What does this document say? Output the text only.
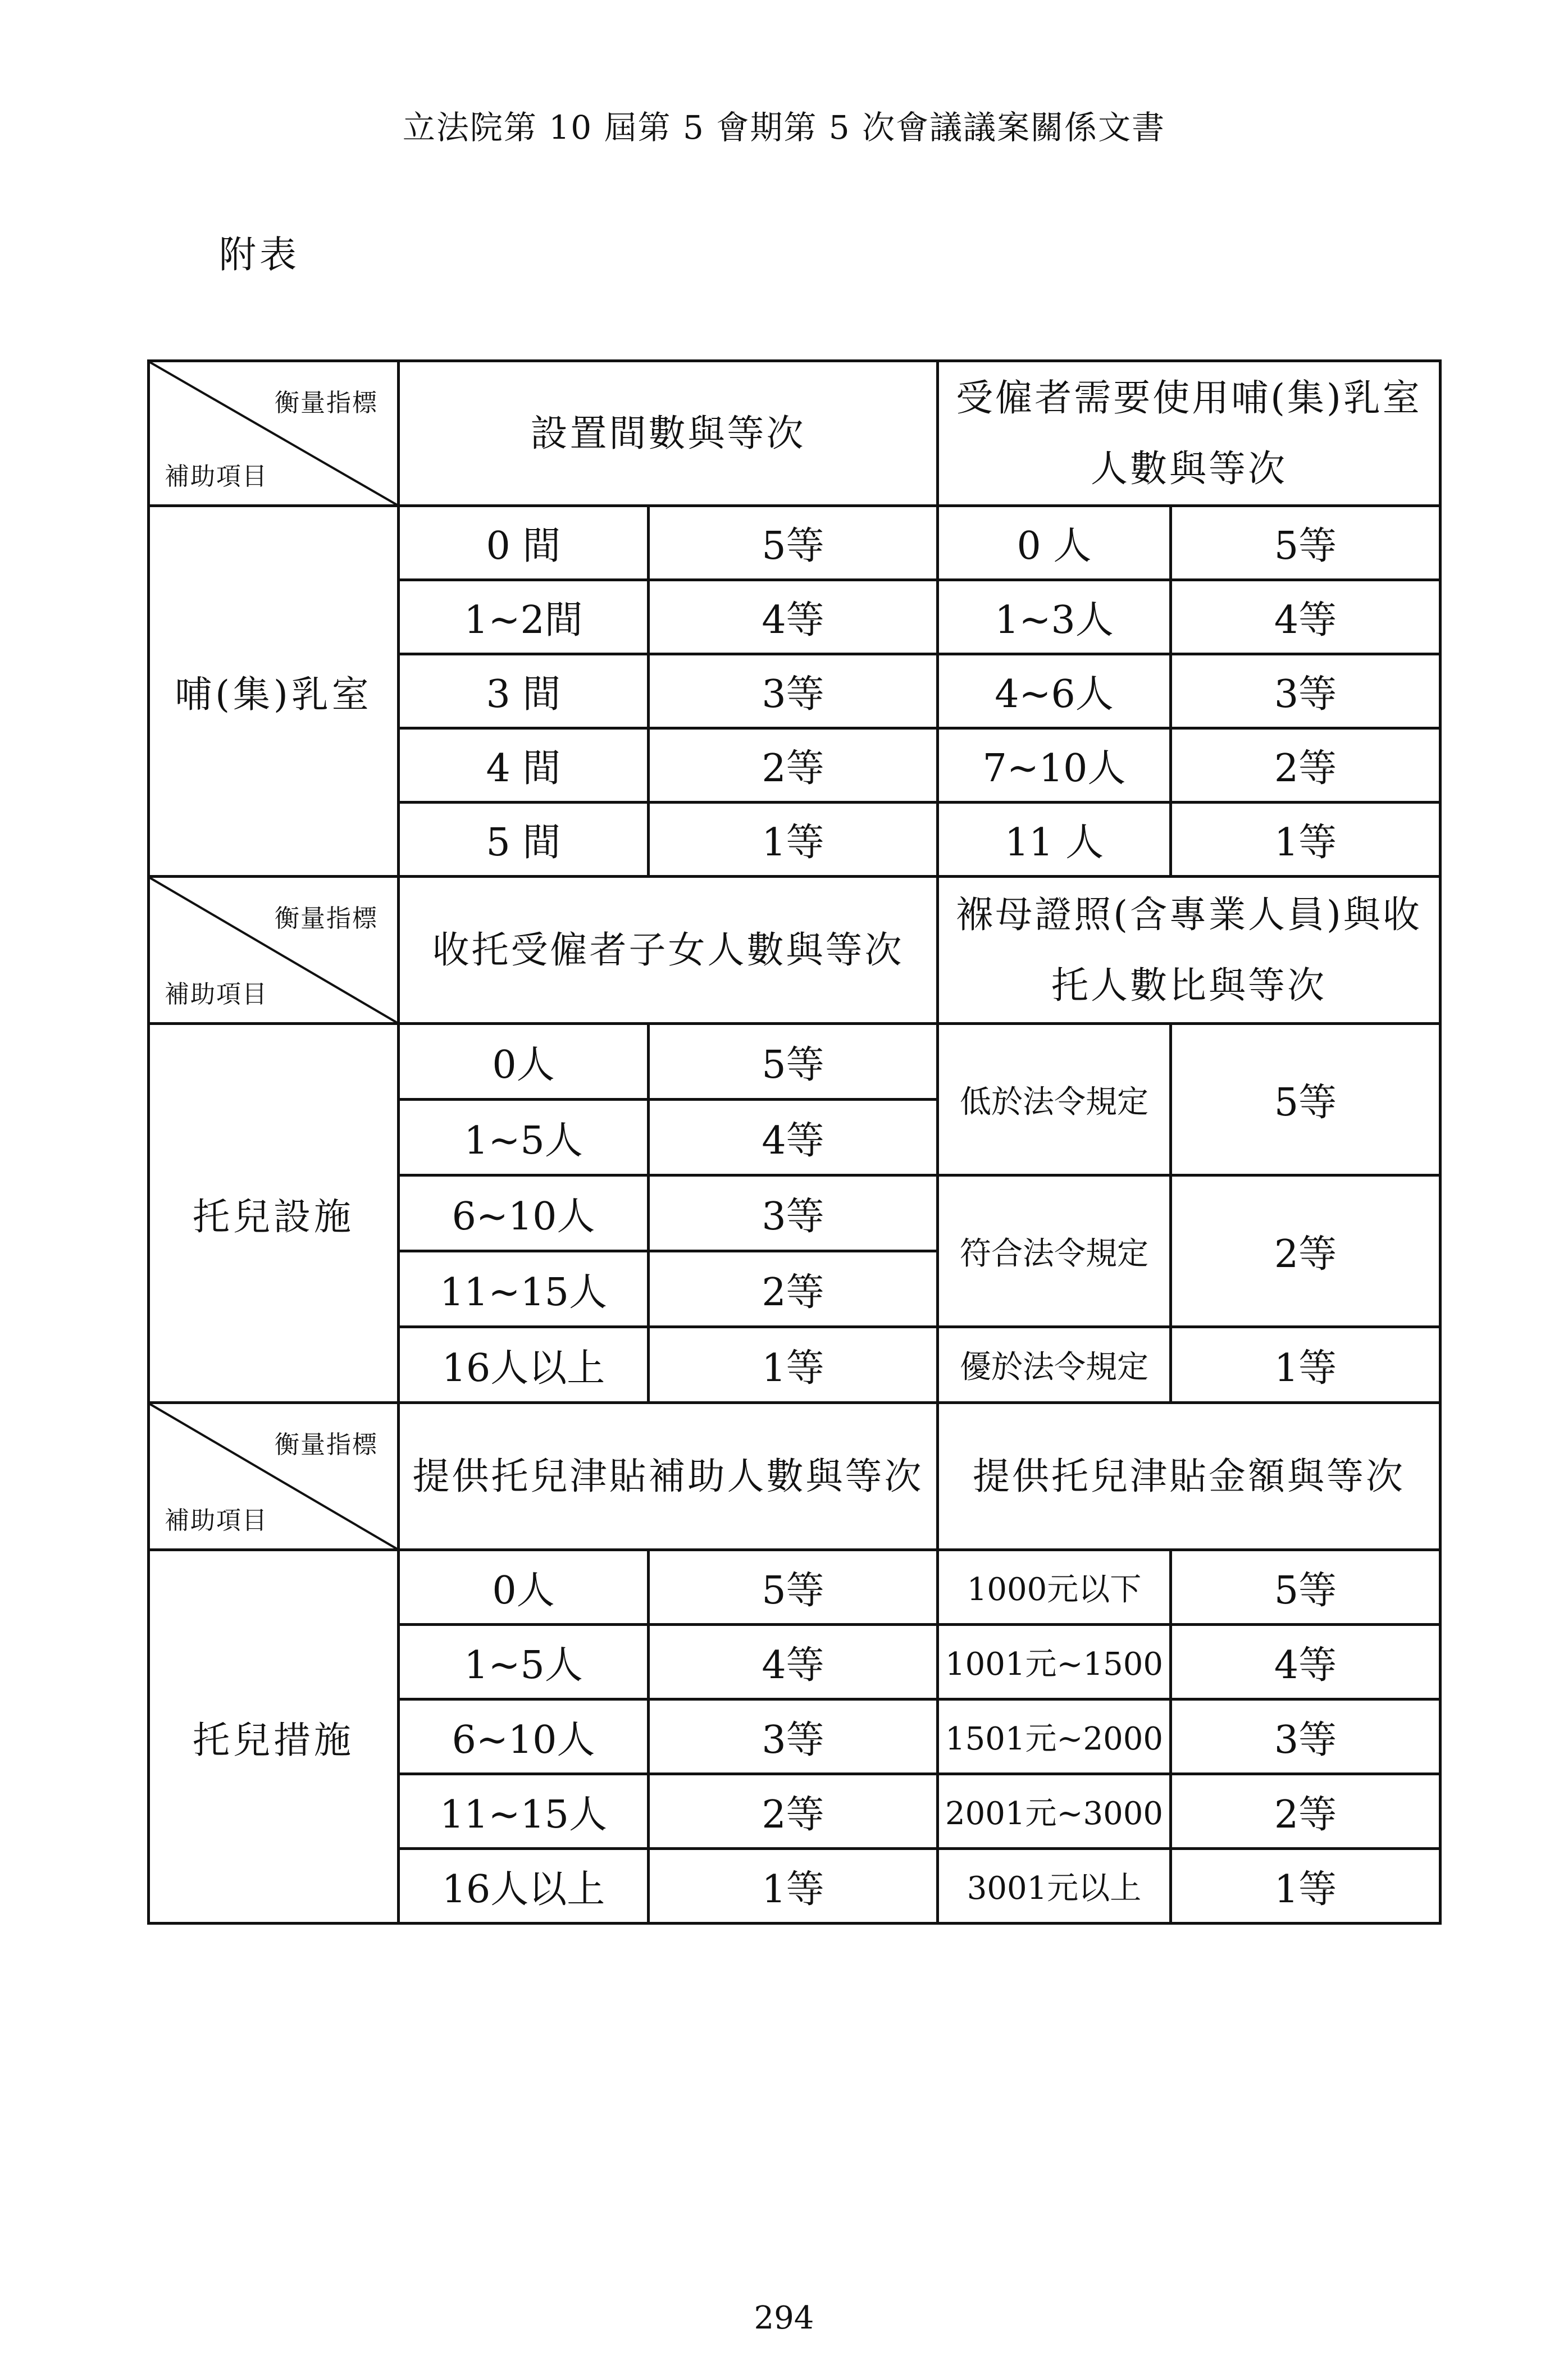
立法院第 10 屆第 5 會期第 5 次會議議案關係文書
附表
衡量指標
補助項目	設置間數與等次		受僱者需要使用哺(集)乳室人數與等次	
哺(集)乳室	0 間	5等	0 人	5等
	1~2間	4等	1~3人	4等
	3 間	3等	4~6人	3等
	4 間	2等	7~10人	2等
	5 間	1等	11 人	1等

衡量指標
補助項目	收托受僱者子女人數與等次		褓母證照(含專業人員)與收托人數比與等次	
托兒設施	0人	5等	低於法令規定	5等
	1~5人	4等		
	6~10人	3等	符合法令規定	2等
	11~15人	2等		
	16人以上	1等	優於法令規定	1等

衡量指標
補助項目	提供托兒津貼補助人數與等次		提供托兒津貼金額與等次	
托兒措施	0人	5等	1000元以下	5等
	1~5人	4等	1001元~1500	4等
	6~10人	3等	1501元~2000	3等
	11~15人	2等	2001元~3000	2等
	16人以上	1等	3001元以上	1等
294
